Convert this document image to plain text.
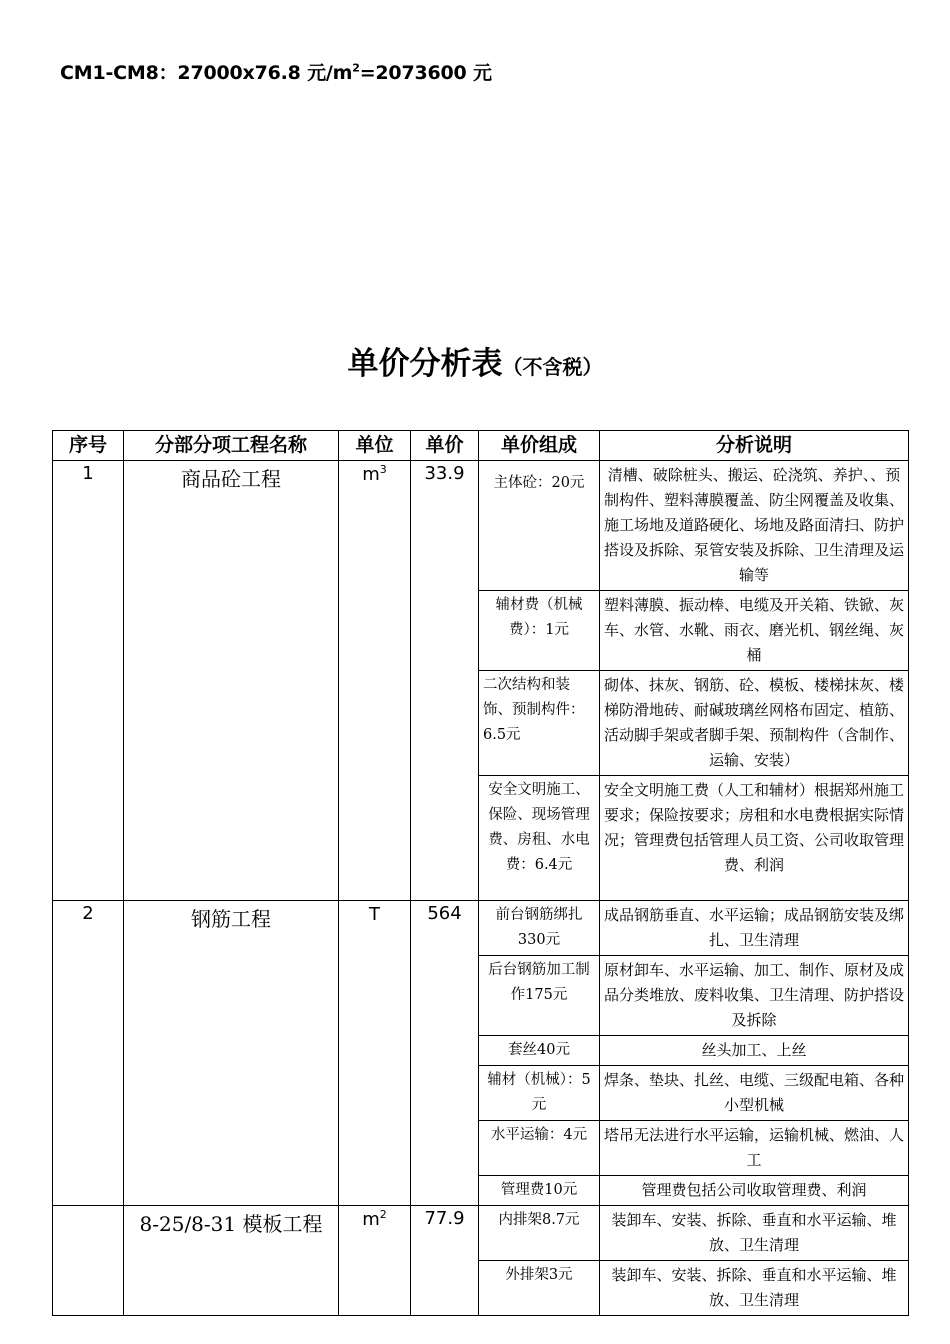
CM1-CM8：27000x76.8 元$/m^2=2073600$ 元
单价分析表（不含税）
序号	分部分项工程名称	单位	单价	单价组成	分析说明
1	商品砼工程	$m^3$	33.9	主体砼：20元	清槽、破除桩头、搬运、砼浇筑、养护、、预制构件、塑料薄膜覆盖、防尘网覆盖及收集、施工场地及道路硬化、场地及路面清扫、防护搭设及拆除、泵管安装及拆除、卫生清理及运输等
				辅材费（机械费）：1元	塑料薄膜、振动棒、电缆及开关箱、铁锨、灰车、水管、水靴、雨衣、磨光机、钢丝绳、灰桶
				二次结构和装饰、预制构件：6.5元	砌体、抹灰、钢筋、砼、模板、楼梯抹灰、楼梯防滑地砖、耐碱玻璃丝网格布固定、植筋、活动脚手架或者脚手架、预制构件（含制作、运输、安装）
				安全文明施工、保险、现场管理费、房租、水电费：6.4元	安全文明施工费（人工和辅材）根据郑州施工要求；保险按要求；房租和水电费根据实际情况；管理费包括管理人员工资、公司收取管理费、利润
2	钢筋工程	T	564	前台钢筋绑扎330元	成品钢筋垂直、水平运输；成品钢筋安装及绑扎、卫生清理
				后台钢筋加工制作175元	原材卸车、水平运输、加工、制作、原材及成品分类堆放、废料收集、卫生清理、防护搭设及拆除
				套丝40元	丝头加工、上丝
				辅材（机械）：5元	焊条、垫块、扎丝、电缆、三级配电箱、各种小型机械
				水平运输：4元	塔吊无法进行水平运输，运输机械、燃油、人工
				管理费10元	管理费包括公司收取管理费、利润
	8-25/8-31 模板工程	$m^2$	77.9	内排架8.7元	装卸车、安装、拆除、垂直和水平运输、堆放、卫生清理
				外排架3元	装卸车、安装、拆除、垂直和水平运输、堆放、卫生清理
